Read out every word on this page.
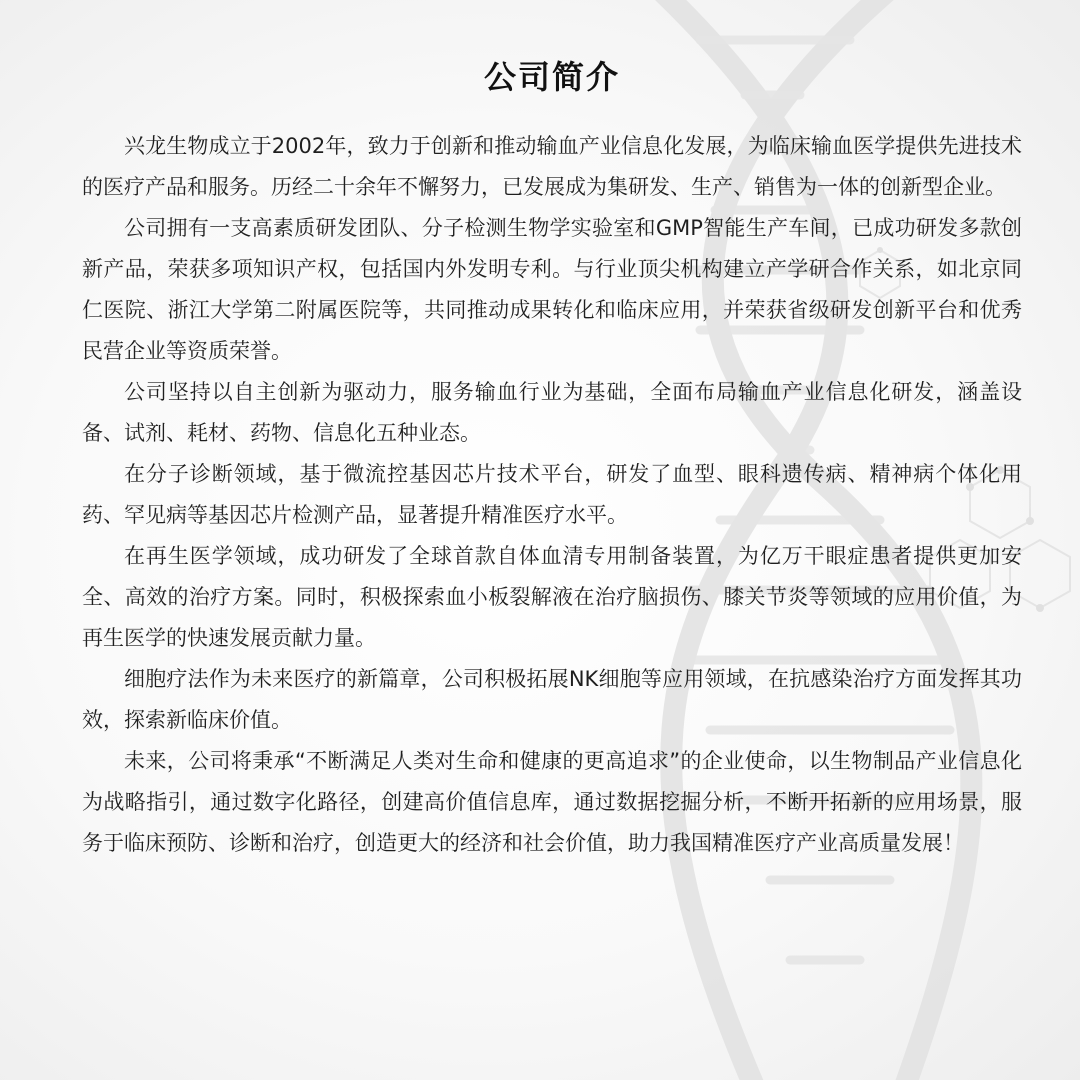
公司简介

兴龙生物成立于2002年，致力于创新和推动输血产业信息化发展，为临床输血医学提供先进技术的医疗产品和服务。历经二十余年不懈努力，已发展成为集研发、生产、销售为一体的创新型企业。

公司拥有一支高素质研发团队、分子检测生物学实验室和GMP智能生产车间，已成功研发多款创新产品，荣获多项知识产权，包括国内外发明专利。与行业顶尖机构建立产学研合作关系，如北京同仁医院、浙江大学第二附属医院等，共同推动成果转化和临床应用，并荣获省级研发创新平台和优秀民营企业等资质荣誉。

公司坚持以自主创新为驱动力，服务输血行业为基础，全面布局输血产业信息化研发，涵盖设备、试剂、耗材、药物、信息化五种业态。

在分子诊断领域，基于微流控基因芯片技术平台，研发了血型、眼科遗传病、精神病个体化用药、罕见病等基因芯片检测产品，显著提升精准医疗水平。

在再生医学领域，成功研发了全球首款自体血清专用制备装置，为亿万干眼症患者提供更加安全、高效的治疗方案。同时，积极探索血小板裂解液在治疗脑损伤、膝关节炎等领域的应用价值，为再生医学的快速发展贡献力量。

细胞疗法作为未来医疗的新篇章，公司积极拓展NK细胞等应用领域，在抗感染治疗方面发挥其功效，探索新临床价值。

未来，公司将秉承“不断满足人类对生命和健康的更高追求”的企业使命，以生物制品产业信息化为战略指引，通过数字化路径，创建高价值信息库，通过数据挖掘分析，不断开拓新的应用场景，服务于临床预防、诊断和治疗，创造更大的经济和社会价值，助力我国精准医疗产业高质量发展！
